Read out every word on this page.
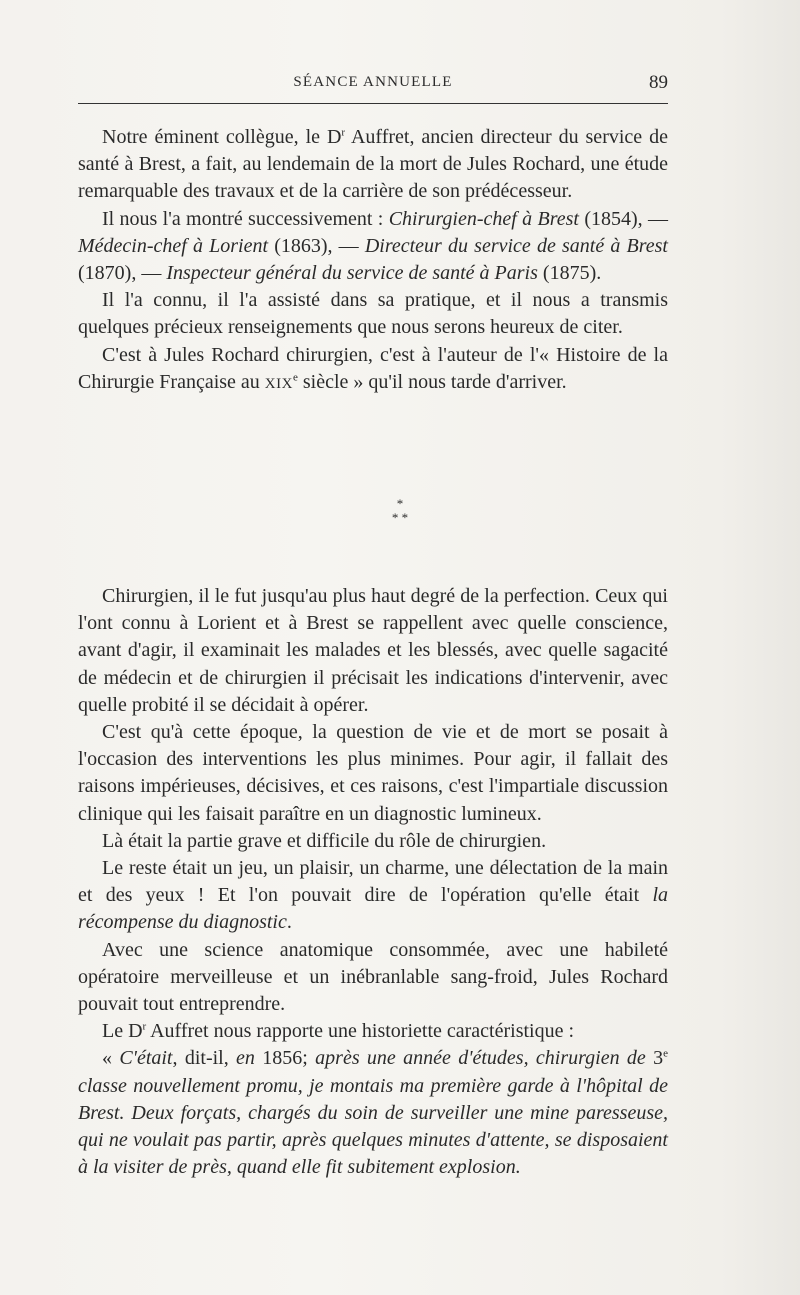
SÉANCE ANNUELLE	89

Notre éminent collègue, le $D^r$ Auffret, ancien directeur du service de santé à Brest, a fait, au lendemain de la mort de Jules Rochard, une étude remarquable des travaux et de la carrière de son prédécesseur.

Il nous l'a montré successivement : Chirurgien-chef à Brest (1854), — Médecin-chef à Lorient (1863), — Directeur du service de santé à Brest (1870), — Inspecteur général du service de santé à Paris (1875).

Il l'a connu, il l'a assisté dans sa pratique, et il nous a transmis quelques précieux renseignements que nous serons heureux de citer.

C'est à Jules Rochard chirurgien, c'est à l'auteur de l'« Histoire de la Chirurgie Française au XIXe siècle » qu'il nous tarde d'arriver.

*
* *

Chirurgien, il le fut jusqu'au plus haut degré de la perfection. Ceux qui l'ont connu à Lorient et à Brest se rappellent avec quelle conscience, avant d'agir, il examinait les malades et les blessés, avec quelle sagacité de médecin et de chirurgien il précisait les indications d'intervenir, avec quelle probité il se décidait à opérer.

C'est qu'à cette époque, la question de vie et de mort se posait à l'occasion des interventions les plus minimes. Pour agir, il fallait des raisons impérieuses, décisives, et ces raisons, c'est l'impartiale discussion clinique qui les faisait paraître en un diagnostic lumineux.

Là était la partie grave et difficile du rôle de chirurgien.

Le reste était un jeu, un plaisir, un charme, une délectation de la main et des yeux ! Et l'on pouvait dire de l'opération qu'elle était la récompense du diagnostic.

Avec une science anatomique consommée, avec une habileté opératoire merveilleuse et un inébranlable sang-froid, Jules Rochard pouvait tout entreprendre.

Le $D^r$ Auffret nous rapporte une historiette caractéristique :

« C'était, dit-il, en 1856; après une année d'études, chirurgien de 3e classe nouvellement promu, je montais ma première garde à l'hôpital de Brest. Deux forçats, chargés du soin de surveiller une mine paresseuse, qui ne voulait pas partir, après quelques minutes d'attente, se disposaient à la visiter de près, quand elle fit subitement explosion.
